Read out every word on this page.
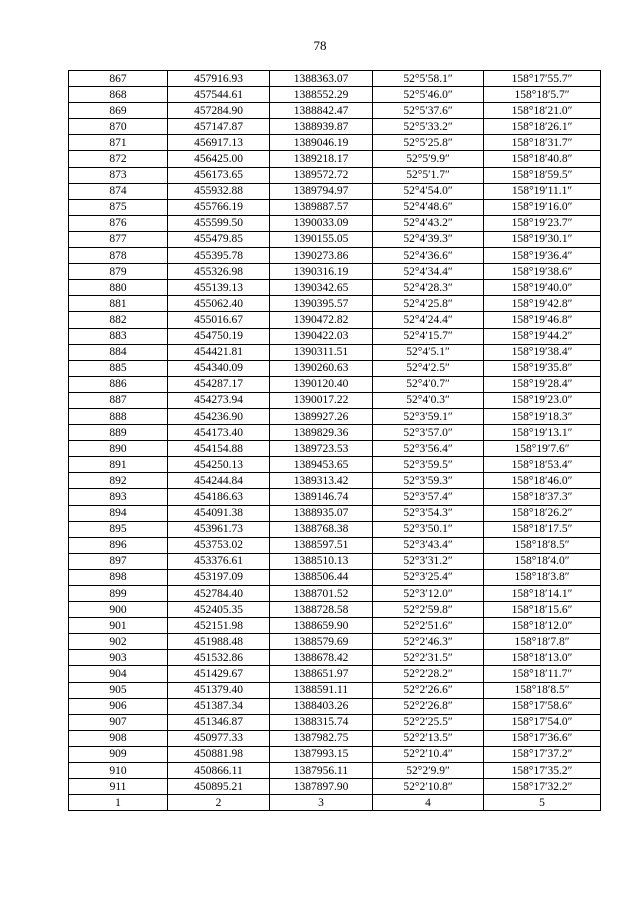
78
867	457916.93	1388363.07	52°5′58.1″	158°17′55.7″
868	457544.61	1388552.29	52°5′46.0″	158°18′5.7″
869	457284.90	1388842.47	52°5′37.6″	158°18′21.0″
870	457147.87	1388939.87	52°5′33.2″	158°18′26.1″
871	456917.13	1389046.19	52°5′25.8″	158°18′31.7″
872	456425.00	1389218.17	52°5′9.9″	158°18′40.8″
873	456173.65	1389572.72	52°5′1.7″	158°18′59.5″
874	455932.88	1389794.97	52°4′54.0″	158°19′11.1″
875	455766.19	1389887.57	52°4′48.6″	158°19′16.0″
876	455599.50	1390033.09	52°4′43.2″	158°19′23.7″
877	455479.85	1390155.05	52°4′39.3″	158°19′30.1″
878	455395.78	1390273.86	52°4′36.6″	158°19′36.4″
879	455326.98	1390316.19	52°4′34.4″	158°19′38.6″
880	455139.13	1390342.65	52°4′28.3″	158°19′40.0″
881	455062.40	1390395.57	52°4′25.8″	158°19′42.8″
882	455016.67	1390472.82	52°4′24.4″	158°19′46.8″
883	454750.19	1390422.03	52°4′15.7″	158°19′44.2″
884	454421.81	1390311.51	52°4′5.1″	158°19′38.4″
885	454340.09	1390260.63	52°4′2.5″	158°19′35.8″
886	454287.17	1390120.40	52°4′0.7″	158°19′28.4″
887	454273.94	1390017.22	52°4′0.3″	158°19′23.0″
888	454236.90	1389927.26	52°3′59.1″	158°19′18.3″
889	454173.40	1389829.36	52°3′57.0″	158°19′13.1″
890	454154.88	1389723.53	52°3′56.4″	158°19′7.6″
891	454250.13	1389453.65	52°3′59.5″	158°18′53.4″
892	454244.84	1389313.42	52°3′59.3″	158°18′46.0″
893	454186.63	1389146.74	52°3′57.4″	158°18′37.3″
894	454091.38	1388935.07	52°3′54.3″	158°18′26.2″
895	453961.73	1388768.38	52°3′50.1″	158°18′17.5″
896	453753.02	1388597.51	52°3′43.4″	158°18′8.5″
897	453376.61	1388510.13	52°3′31.2″	158°18′4.0″
898	453197.09	1388506.44	52°3′25.4″	158°18′3.8″
899	452784.40	1388701.52	52°3′12.0″	158°18′14.1″
900	452405.35	1388728.58	52°2′59.8″	158°18′15.6″
901	452151.98	1388659.90	52°2′51.6″	158°18′12.0″
902	451988.48	1388579.69	52°2′46.3″	158°18′7.8″
903	451532.86	1388678.42	52°2′31.5″	158°18′13.0″
904	451429.67	1388651.97	52°2′28.2″	158°18′11.7″
905	451379.40	1388591.11	52°2′26.6″	158°18′8.5″
906	451387.34	1388403.26	52°2′26.8″	158°17′58.6″
907	451346.87	1388315.74	52°2′25.5″	158°17′54.0″
908	450977.33	1387982.75	52°2′13.5″	158°17′36.6″
909	450881.98	1387993.15	52°2′10.4″	158°17′37.2″
910	450866.11	1387956.11	52°2′9.9″	158°17′35.2″
911	450895.21	1387897.90	52°2′10.8″	158°17′32.2″
1	2	3	4	5
